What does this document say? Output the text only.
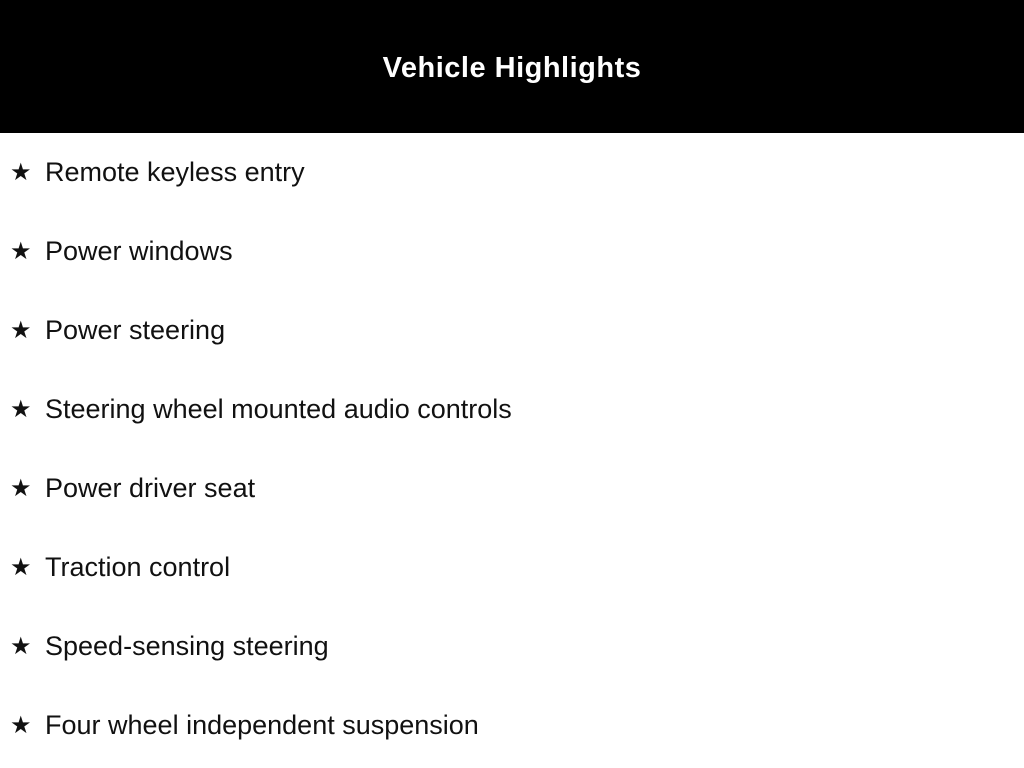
Vehicle Highlights
★ Remote keyless entry
★ Power windows
★ Power steering
★ Steering wheel mounted audio controls
★ Power driver seat
★ Traction control
★ Speed-sensing steering
★ Four wheel independent suspension
